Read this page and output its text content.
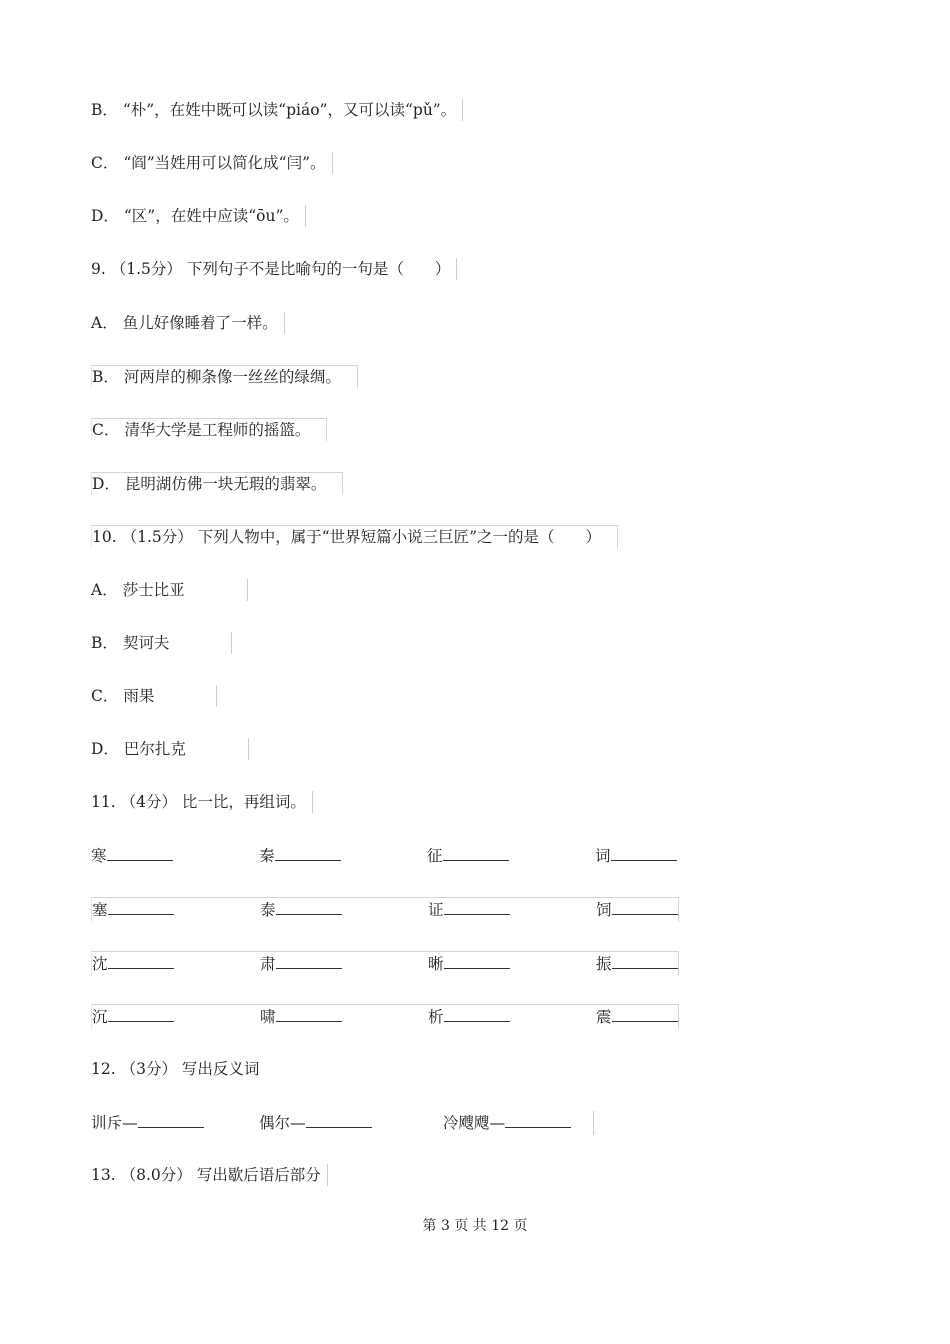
B． “朴”，在姓中既可以读“piáo”，又可以读“pǔ”。
C． “阎”当姓用可以简化成“闫”。
D． “区”，在姓中应读“ōu”。
9. （1.5分） 下列句子不是比喻句的一句是（　　）
A． 鱼儿好像睡着了一样。
B． 河两岸的柳条像一丝丝的绿绸。
C． 清华大学是工程师的摇篮。
D． 昆明湖仿佛一块无瑕的翡翠。
10. （1.5分） 下列人物中，属于“世界短篇小说三巨匠”之一的是（　　）
A． 莎士比亚
B． 契诃夫
C． 雨果
D． 巴尔扎克
11. （4分） 比一比，再组词。
寒	秦	征	词
塞	泰	证	饲
沈	肃	晰	振
沉	啸	析	震
12. （3分） 写出反义词
训斥—	偶尔—	冷飕飕—
13. （8.0分） 写出歇后语后部分
第 3 页 共 12 页
